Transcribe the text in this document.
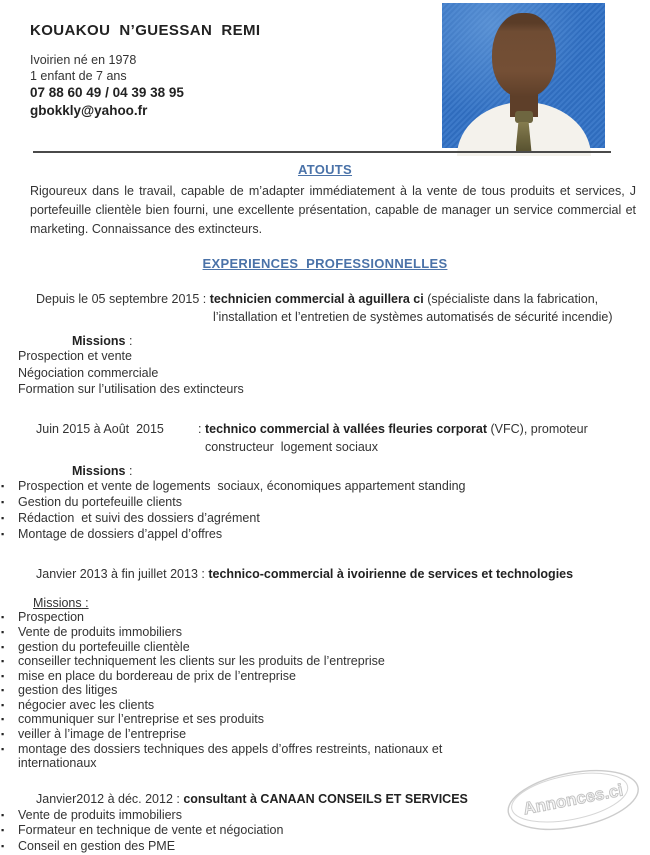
KOUAKOU  N’GUESSAN  REMI
Ivoirien né en 1978
1 enfant de 7 ans
07 88 60 49 / 04 39 38 95
gbokkly@yahoo.fr
ATOUTS

Rigoureux dans le travail, capable de m’adapter immédiatement à la vente de tous produits et services, J portefeuille clientèle bien fourni, une excellente présentation, capable de manager un service commercial et marketing. Connaissance des extincteurs.

EXPERIENCES  PROFESSIONNELLES
Depuis le 05 septembre 2015 : technicien commercial à aguillera ci (spécialiste dans la fabrication,
l’installation et l’entretien de systèmes automatisés de sécurité incendie)
Missions :
Prospection et vente
Négociation commerciale
Formation sur l’utilisation des extincteurs
Juin 2015 à Août  2015	: technico commercial à vallées fleuries corporat (VFC), promoteur
constructeur  logement sociaux
Missions :
▪ Prospection et vente de logements  sociaux, économiques appartement standing
▪ Gestion du portefeuille clients
▪ Rédaction  et suivi des dossiers d’agrément
▪ Montage de dossiers d’appel d’offres
Janvier 2013 à fin juillet 2013 : technico-commercial à ivoirienne de services et technologies
Missions :
▪ Prospection
▪ Vente de produits immobiliers
▪ gestion du portefeuille clientèle
▪ conseiller techniquement les clients sur les produits de l’entreprise
▪ mise en place du bordereau de prix de l’entreprise
▪ gestion des litiges
▪ négocier avec les clients
▪ communiquer sur l’entreprise et ses produits
▪ veiller à l’image de l’entreprise
▪ montage des dossiers techniques des appels d’offres restreints, nationaux et internationaux
Janvier2012 à déc. 2012 : consultant à CANAAN CONSEILS ET SERVICES
▪ Vente de produits immobiliers
▪ Formateur en technique de vente et négociation
▪ Conseil en gestion des PME
Annonces.ci
